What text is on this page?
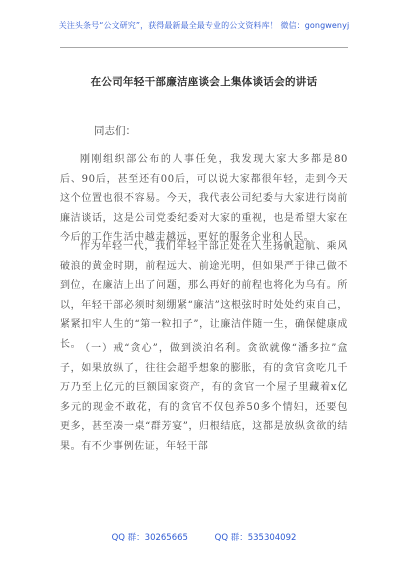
关注头条号“公文研究”，获得最新最全最专业的公文资料库！ 微信：gongwenyj
在公司年轻干部廉洁座谈会上集体谈话会的讲话
同志们：

刚刚组织部公布的人事任免，我发现大家大多都是80后、90后，甚至还有00后，可以说大家都很年轻，走到今天这个位置也很不容易。今天，我代表公司纪委与大家进行岗前廉洁谈话，这是公司党委纪委对大家的重视，也是希望大家在今后的工作生活中越走越远，更好的服务企业和人民。

作为年轻一代，我们年轻干部正处在人生扬帆起航、乘风破浪的黄金时期，前程远大、前途光明，但如果严于律己做不到位，在廉洁上出了问题，那么再好的前程也将化为乌有。所以，年轻干部必须时刻绷紧“廉洁”这根弦时时处处约束自己，紧紧扣牢人生的“第一粒扣子”，让廉洁伴随一生，确保健康成长。

（一）戒“贪心”，做到淡泊名利。贪欲就像“潘多拉”盒子，如果放纵了，往往会超乎想象的膨胀，有的贪官贪吃几千万乃至上亿元的巨额国家资产，有的贪官一个屋子里藏着x亿多元的现金不敢花，有的贪官不仅包养50多个情妇，还要包更多，甚至凑一桌“群芳宴”，归根结底，这都是放纵贪欲的结果。有不少事例佐证，年轻干部

QQ 群：30265665	QQ 群：535304092
